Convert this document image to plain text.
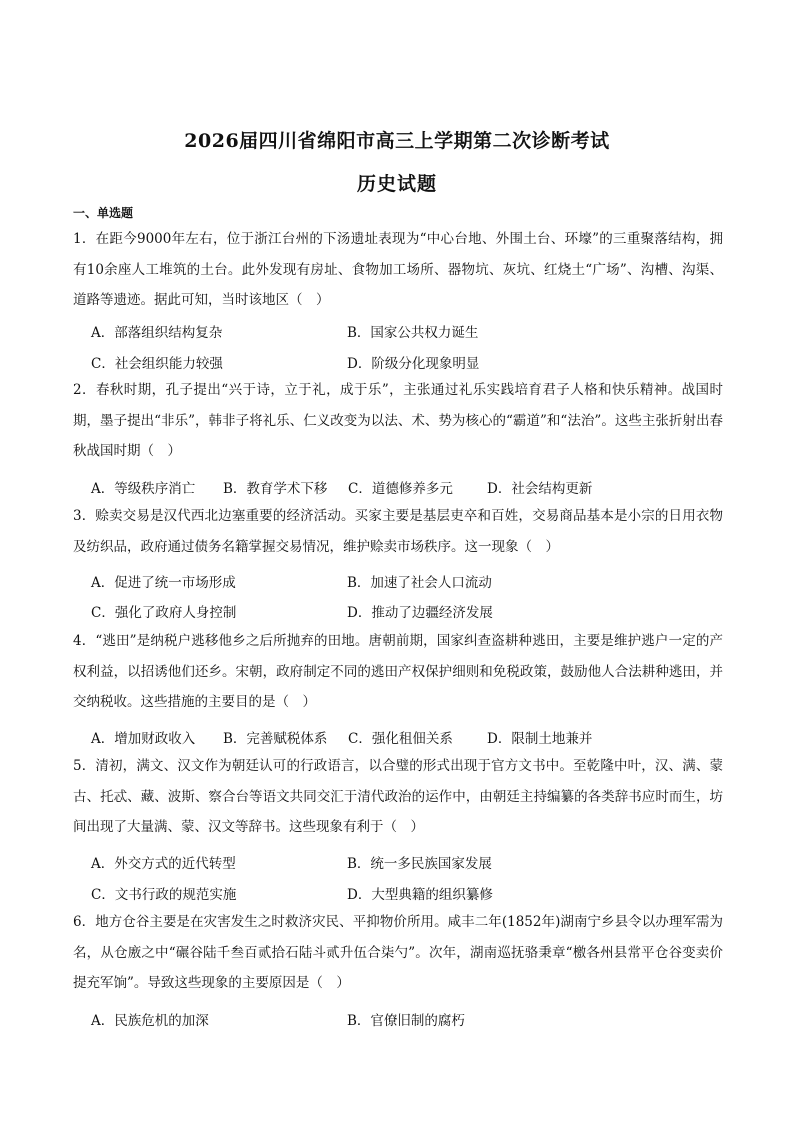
2026届四川省绵阳市高三上学期第二次诊断考试
历史试题
一、单选题
1．在距今9000年左右，位于浙江台州的下汤遗址表现为“中心台地、外围土台、环壕”的三重聚落结构，拥有10余座人工堆筑的土台。此外发现有房址、食物加工场所、器物坑、灰坑、红烧土“广场”、沟槽、沟渠、道路等遗迹。据此可知，当时该地区（　）
A．部落组织结构复杂	B．国家公共权力诞生
C．社会组织能力较强	D．阶级分化现象明显
2．春秋时期，孔子提出“兴于诗，立于礼，成于乐”，主张通过礼乐实践培育君子人格和快乐精神。战国时期，墨子提出“非乐”，韩非子将礼乐、仁义改变为以法、术、势为核心的“霸道”和“法治”。这些主张折射出春秋战国时期（　）
A．等级秩序消亡 B．教育学术下移 C．道德修养多元	D．社会结构更新
3．赊卖交易是汉代西北边塞重要的经济活动。买家主要是基层吏卒和百姓，交易商品基本是小宗的日用衣物及纺织品，政府通过债务名籍掌握交易情况，维护赊卖市场秩序。这一现象（　）
A．促进了统一市场形成	B．加速了社会人口流动
C．强化了政府人身控制	D．推动了边疆经济发展
4．“逃田”是纳税户逃移他乡之后所抛弃的田地。唐朝前期，国家纠查盗耕种逃田，主要是维护逃户一定的产权利益，以招诱他们还乡。宋朝，政府制定不同的逃田产权保护细则和免税政策，鼓励他人合法耕种逃田，并交纳税收。这些措施的主要目的是（　）
A．增加财政收入 B．完善赋税体系 C．强化租佃关系	D．限制土地兼并
5．清初，满文、汉文作为朝廷认可的行政语言，以合璧的形式出现于官方文书中。至乾隆中叶，汉、满、蒙古、托忒、藏、波斯、察合台等语文共同交汇于清代政治的运作中，由朝廷主持编纂的各类辞书应时而生，坊间出现了大量满、蒙、汉文等辞书。这些现象有利于（　）
A．外交方式的近代转型	B．统一多民族国家发展
C．文书行政的规范实施	D．大型典籍的组织纂修
6．地方仓谷主要是在灾害发生之时救济灾民、平抑物价所用。咸丰二年(1852年)湖南宁乡县令以办理军需为名，从仓廒之中“碾谷陆千叁百贰拾石陆斗贰升伍合柒勺”。次年，湖南巡抚骆秉章“檄各州县常平仓谷变卖价提充军饷”。导致这些现象的主要原因是（　）
A．民族危机的加深	B．官僚旧制的腐朽
